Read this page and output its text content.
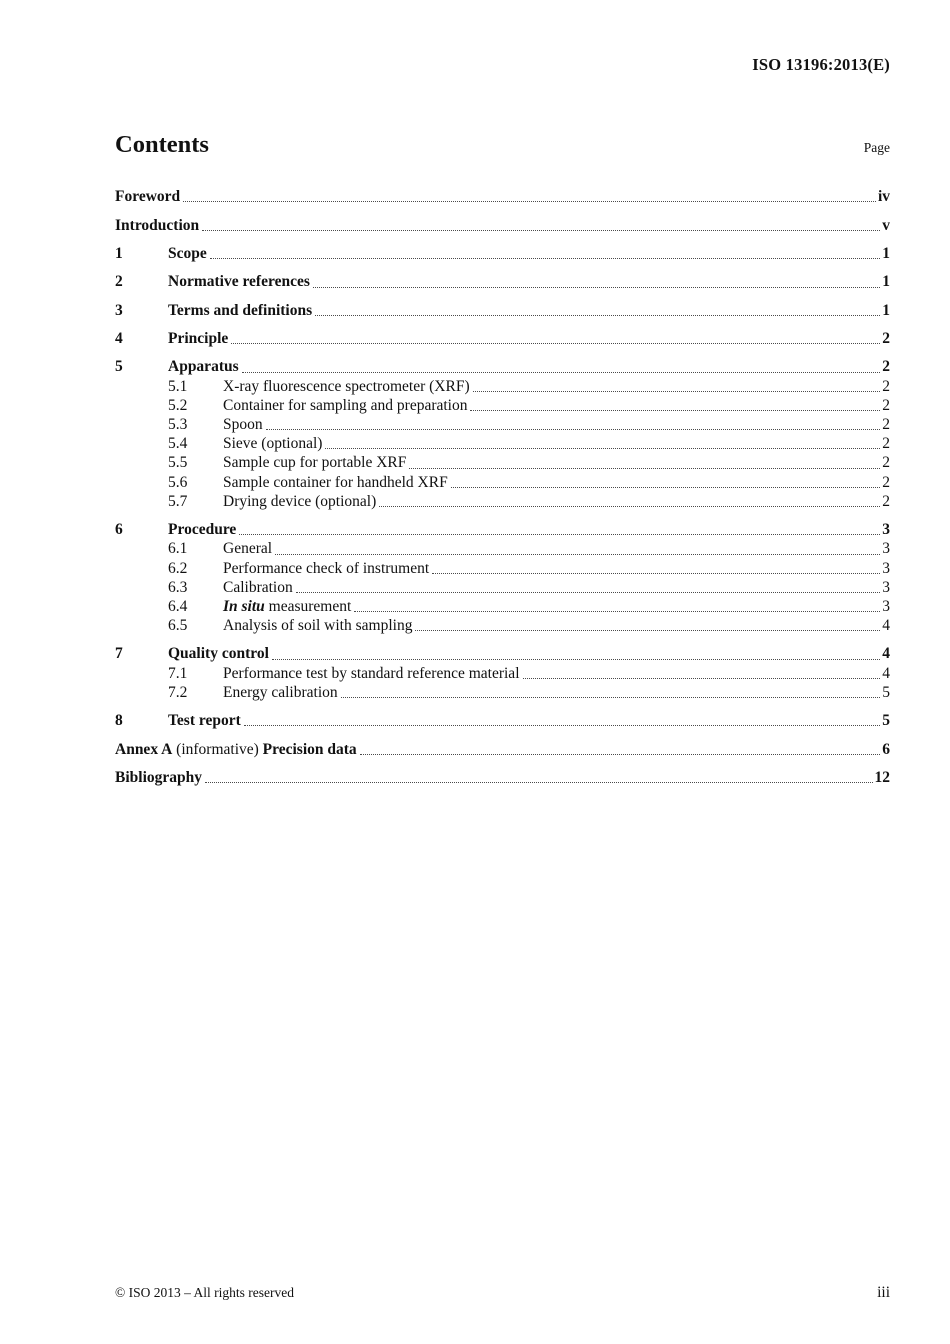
ISO 13196:2013(E)
Contents	Page
Foreword	iv
Introduction	v
1	Scope	1
2	Normative references	1
3	Terms and definitions	1
4	Principle	2
5	Apparatus	2
5.1	X-ray fluorescence spectrometer (XRF)	2
5.2	Container for sampling and preparation	2
5.3	Spoon	2
5.4	Sieve (optional)	2
5.5	Sample cup for portable XRF	2
5.6	Sample container for handheld XRF	2
5.7	Drying device (optional)	2
6	Procedure	3
6.1	General	3
6.2	Performance check of instrument	3
6.3	Calibration	3
6.4	In situ measurement	3
6.5	Analysis of soil with sampling	4
7	Quality control	4
7.1	Performance test by standard reference material	4
7.2	Energy calibration	5
8	Test report	5
Annex A (informative) Precision data	6
Bibliography	12
© ISO 2013 – All rights reserved	iii
